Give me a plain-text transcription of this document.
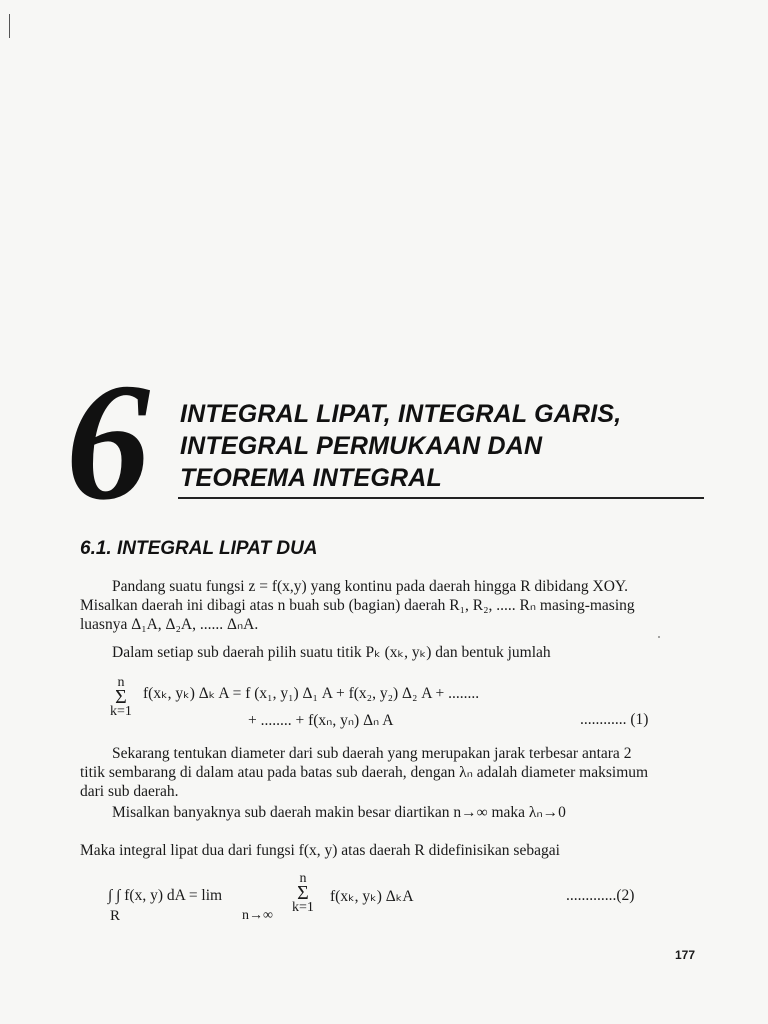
6 INTEGRAL LIPAT, INTEGRAL GARIS,
INTEGRAL PERMUKAAN DAN
TEOREMA INTEGRAL
6.1. INTEGRAL LIPAT DUA
Pandang suatu fungsi z = f(x,y) yang kontinu pada daerah hingga R dibidang XOY.
Misalkan daerah ini dibagi atas n buah sub (bagian) daerah R₁, R₂, ..... Rₙ masing-masing
luasnya Δ₁A, Δ₂A, ...... ΔₙA.
Dalam setiap sub daerah pilih suatu titik Pₖ (xₖ, yₖ) dan bentuk jumlah
n
Σ
k=1
f(xₖ, yₖ) Δₖ A = f (x₁, y₁) Δ₁ A + f(x₂, y₂) Δ₂ A + ........
+ ........ + f(xₙ, yₙ) Δₙ A	............ (1)
Sekarang tentukan diameter dari sub daerah yang merupakan jarak terbesar antara 2
titik sembarang di dalam atau pada batas sub daerah, dengan λₙ adalah diameter maksimum
dari sub daerah.
Misalkan banyaknya sub daerah makin besar diartikan n→∞ maka λₙ→0
Maka integral lipat dua dari fungsi f(x, y) atas daerah R didefinisikan sebagai
∫ ∫ f(x, y) dA = lim
R	n→∞
n
Σ
k=1
f(xₖ, yₖ) ΔₖA	.............(2)
177
